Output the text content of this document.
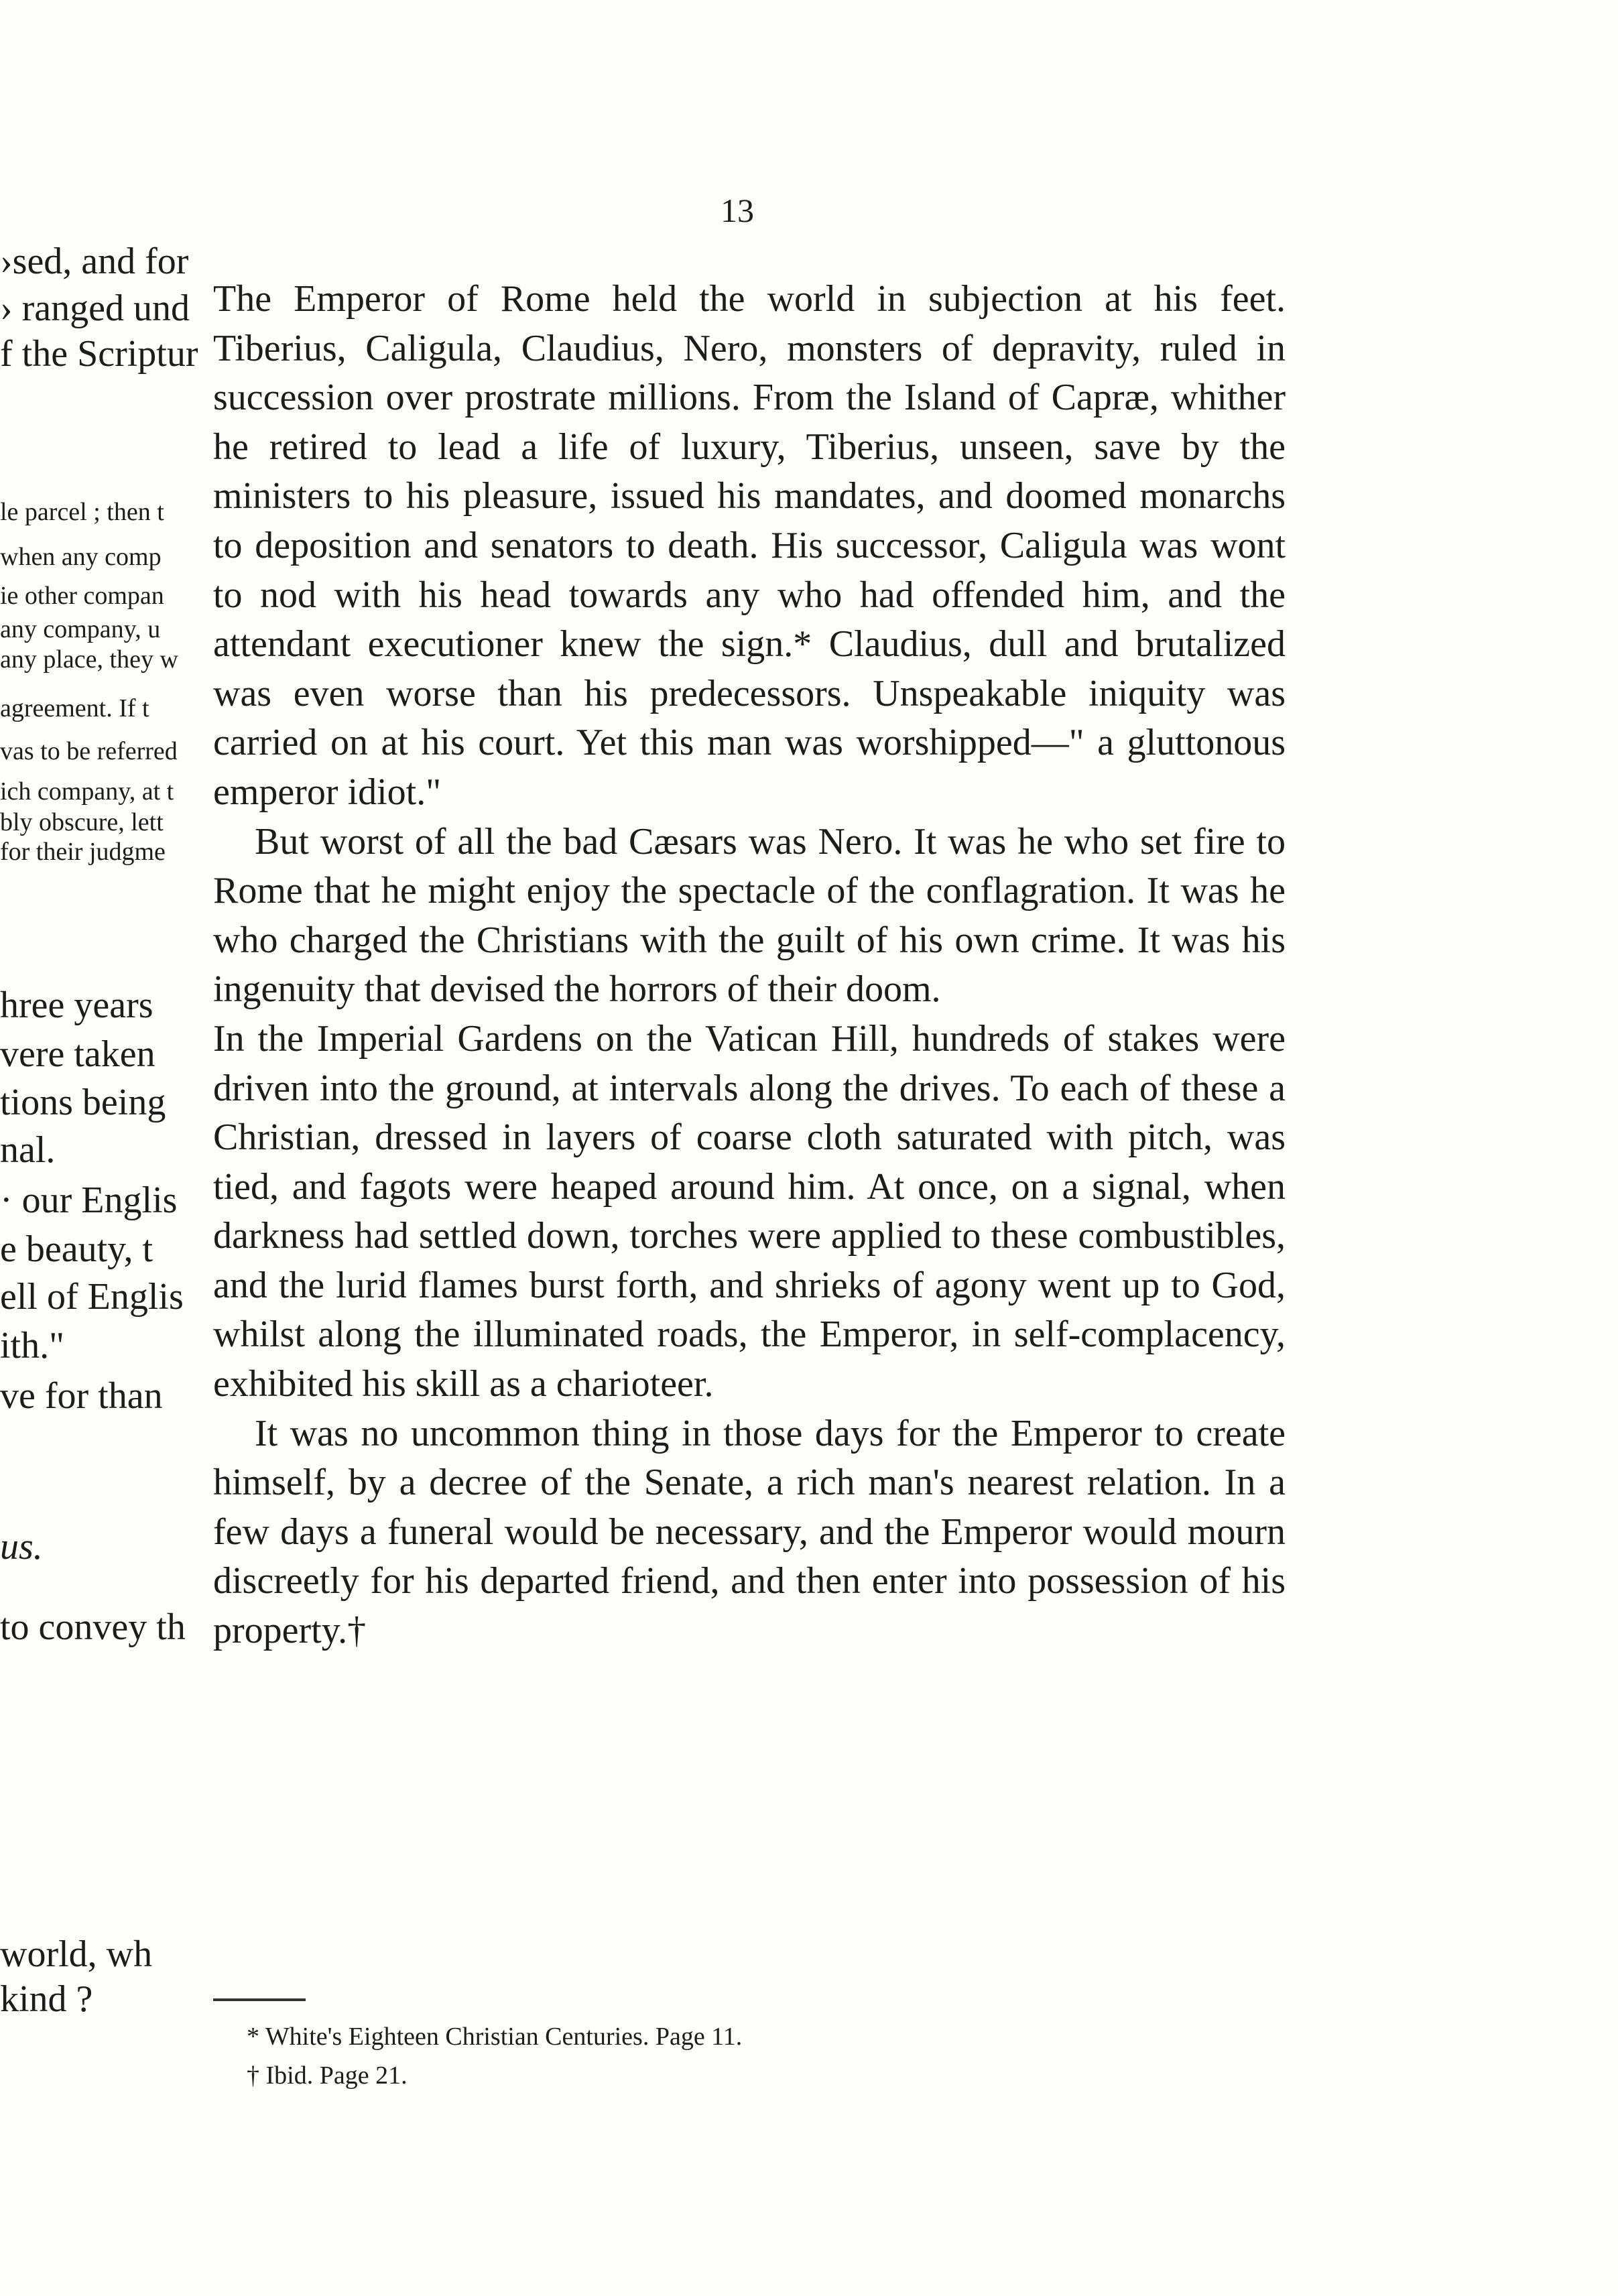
13
›sed, and for
› ranged und
f the Scriptur
le parcel ; then t
when any comp
ie other compan
any company, u
any place, they w
agreement. If t
vas to be referred
ich company, at t
bly obscure, lett
for their judgme
hree years
vere taken
tions being
nal.
· our Englis
e beauty, t
ell of Englis
ith."
ve for than
us.
to convey th
world, wh
kind ?

The Emperor of Rome held the world in subjection at his feet. Tiberius, Caligula, Claudius, Nero, monsters of depravity, ruled in succession over prostrate millions. From the Island of Capræ, whither he retired to lead a life of luxury, Tiberius, unseen, save by the ministers to his pleasure, issued his mandates, and doomed monarchs to deposition and senators to death. His successor, Caligula was wont to nod with his head towards any who had offended him, and the attendant executioner knew the sign.* Claudius, dull and brutalized was even worse than his predecessors. Unspeakable iniquity was carried on at his court. Yet this man was worshipped—" a gluttonous emperor idiot."

But worst of all the bad Cæsars was Nero. It was he who set fire to Rome that he might enjoy the spectacle of the conflagration. It was he who charged the Christians with the guilt of his own crime. It was his ingenuity that devised the horrors of their doom.

In the Imperial Gardens on the Vatican Hill, hundreds of stakes were driven into the ground, at intervals along the drives. To each of these a Christian, dressed in layers of coarse cloth saturated with pitch, was tied, and fagots were heaped around him. At once, on a signal, when darkness had settled down, torches were applied to these combustibles, and the lurid flames burst forth, and shrieks of agony went up to God, whilst along the illuminated roads, the Emperor, in self-complacency, exhibited his skill as a charioteer.

It was no uncommon thing in those days for the Emperor to create himself, by a decree of the Senate, a rich man's nearest relation. In a few days a funeral would be necessary, and the Emperor would mourn discreetly for his departed friend, and then enter into possession of his property.†

* White's Eighteen Christian Centuries. Page 11.
† Ibid. Page 21.
